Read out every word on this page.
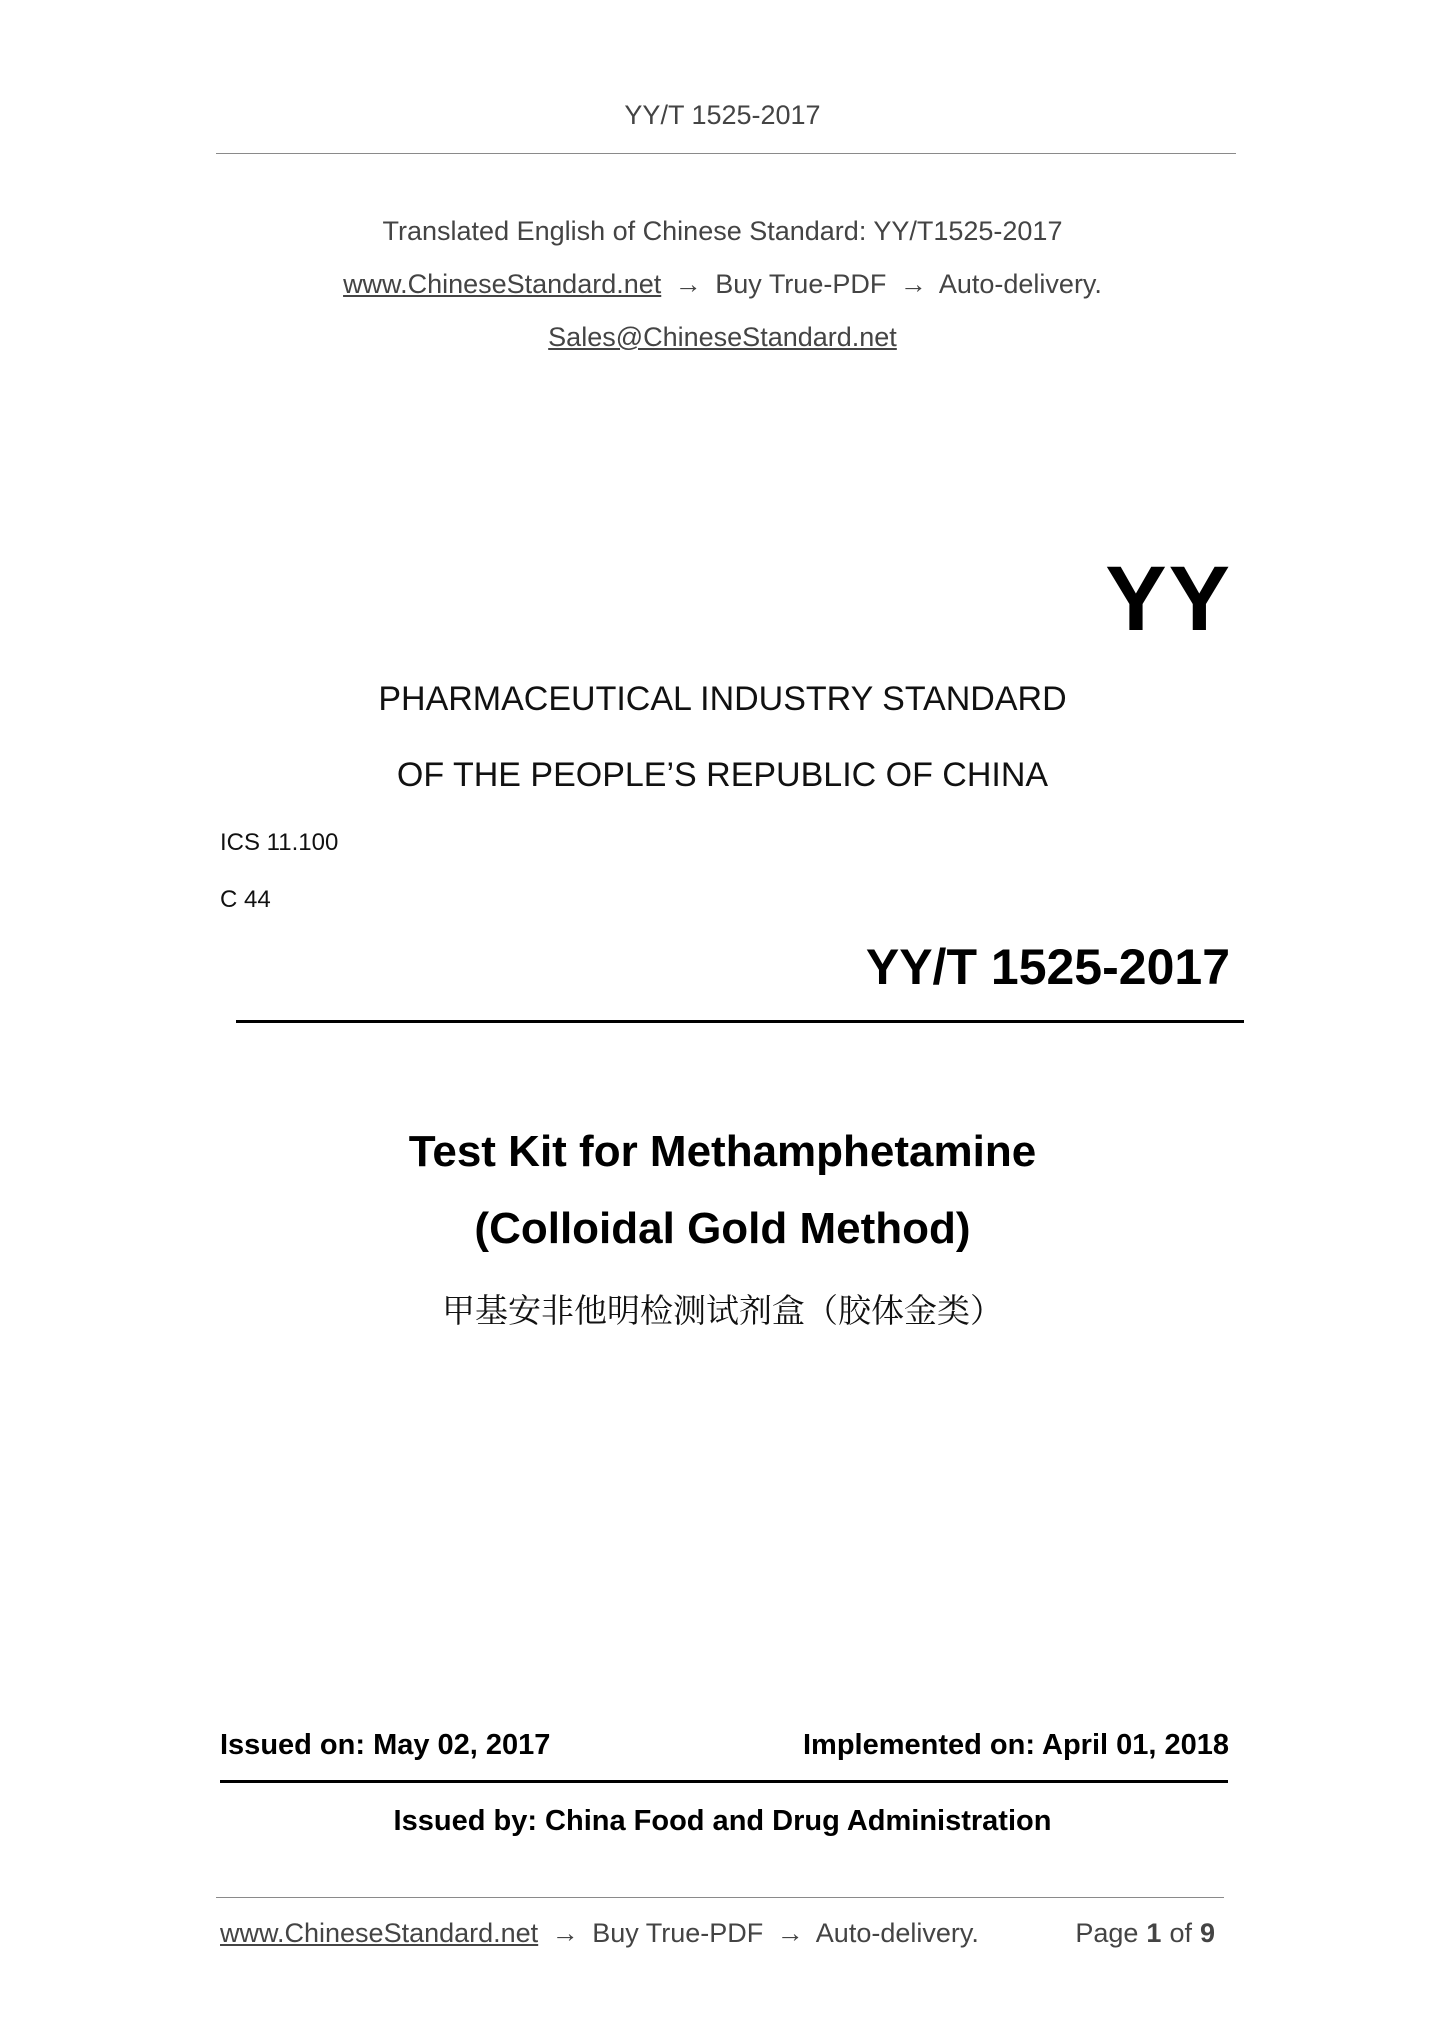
YY/T 1525-2017
Translated English of Chinese Standard: YY/T1525-2017
www.ChineseStandard.net → Buy True-PDF → Auto-delivery.
Sales@ChineseStandard.net
YY
PHARMACEUTICAL INDUSTRY STANDARD
OF THE PEOPLE’S REPUBLIC OF CHINA
ICS 11.100
C 44
YY/T 1525-2017
Test Kit for Methamphetamine
(Colloidal Gold Method)
甲基安非他明检测试剂盒（胶体金类）
Issued on: May 02, 2017	Implemented on: April 01, 2018
Issued by: China Food and Drug Administration
www.ChineseStandard.net → Buy True-PDF → Auto-delivery.	Page 1 of 9
